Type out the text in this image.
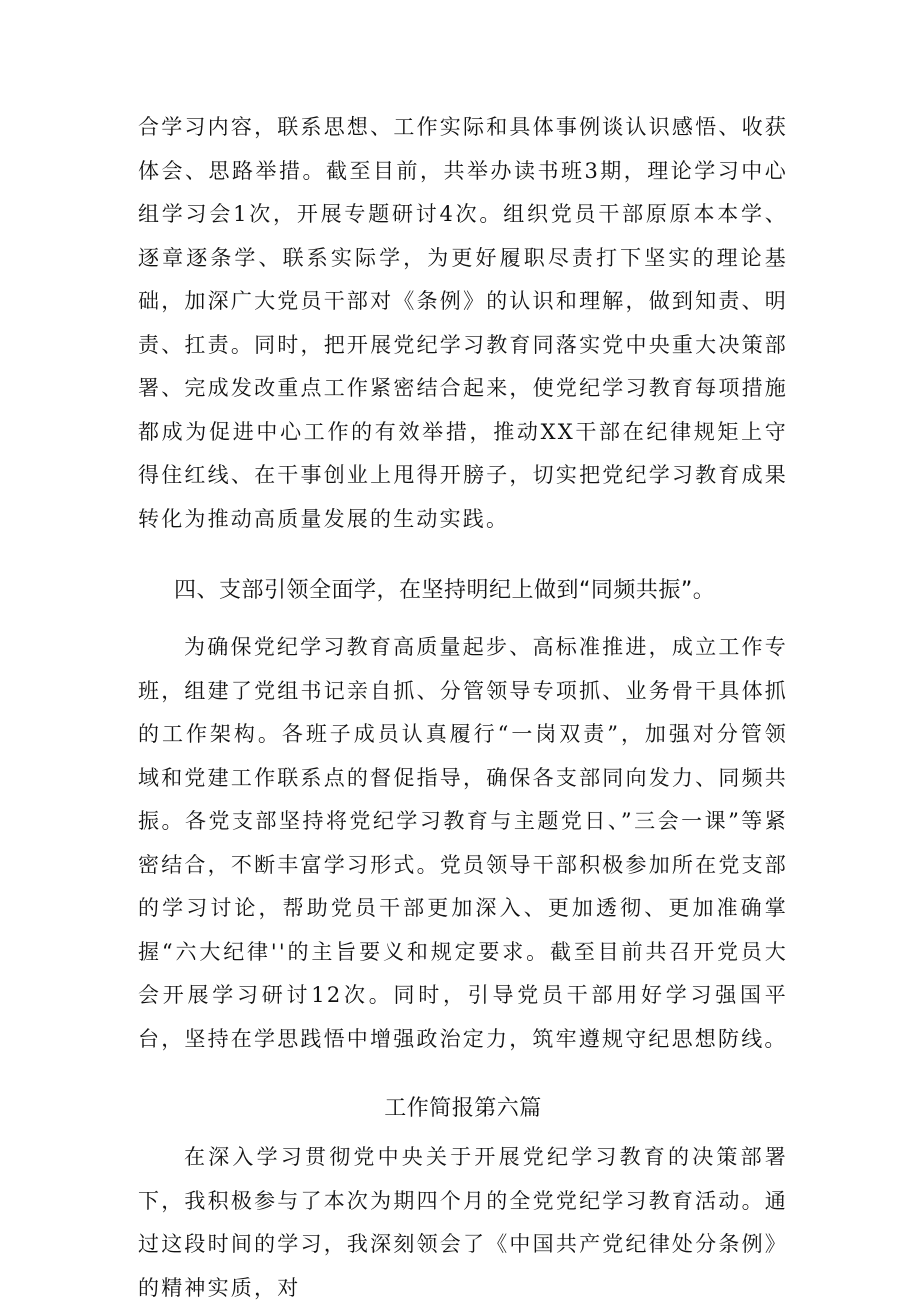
合学习内容，联系思想、工作实际和具体事例谈认识感悟、收获体会、思路举措。截至目前，共举办读书班3期，理论学习中心组学习会1次，开展专题研讨4次。组织党员干部原原本本学、逐章逐条学、联系实际学，为更好履职尽责打下坚实的理论基础，加深广大党员干部对《条例》的认识和理解，做到知责、明责、扛责。同时，把开展党纪学习教育同落实党中央重大决策部署、完成发改重点工作紧密结合起来，使党纪学习教育每项措施都成为促进中心工作的有效举措，推动XX干部在纪律规矩上守得住红线、在干事创业上甩得开膀子，切实把党纪学习教育成果转化为推动高质量发展的生动实践。

四、支部引领全面学，在坚持明纪上做到“同频共振”。

为确保党纪学习教育高质量起步、高标准推进，成立工作专班，组建了党组书记亲自抓、分管领导专项抓、业务骨干具体抓的工作架构。各班子成员认真履行“一岗双责”，加强对分管领域和党建工作联系点的督促指导，确保各支部同向发力、同频共振。各党支部坚持将党纪学习教育与主题党日、”三会一课”等紧密结合，不断丰富学习形式。党员领导干部积极参加所在党支部的学习讨论，帮助党员干部更加深入、更加透彻、更加准确掌握“六大纪律''的主旨要义和规定要求。截至目前共召开党员大会开展学习研讨12次。同时，引导党员干部用好学习强国平台，坚持在学思践悟中增强政治定力，筑牢遵规守纪思想防线。

工作简报第六篇

在深入学习贯彻党中央关于开展党纪学习教育的决策部署下，我积极参与了本次为期四个月的全党党纪学习教育活动。通过这段时间的学习，我深刻领会了《中国共产党纪律处分条例》的精神实质，对
